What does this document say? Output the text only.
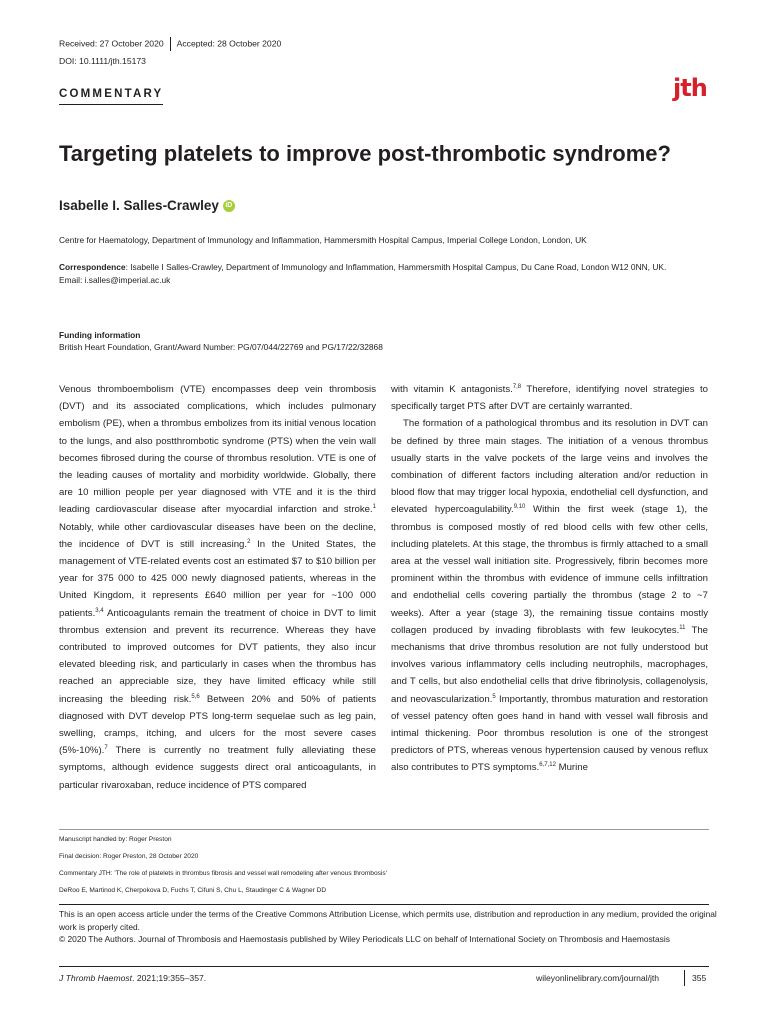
Received: 27 October 2020 Accepted: 28 October 2020
DOI: 10.1111/jth.15173
COMMENTARY	jth
Targeting platelets to improve post-thrombotic syndrome?
Isabelle I. Salles-Crawley iD
Centre for Haematology, Department of Immunology and Inflammation, Hammersmith Hospital Campus, Imperial College London, London, UK
Correspondence: Isabelle I Salles-Crawley, Department of Immunology and Inflammation, Hammersmith Hospital Campus, Du Cane Road, London W12 0NN, UK.
Email: i.salles@imperial.ac.uk
Funding information
British Heart Foundation, Grant/Award Number: PG/07/044/22769 and PG/17/22/32868

Venous thromboembolism (VTE) encompasses deep vein thrombosis (DVT) and its associated complications, which includes pulmonary embolism (PE), when a thrombus embolizes from its initial venous location to the lungs, and also postthrombotic syndrome (PTS) when the vein wall becomes fibrosed during the course of thrombus resolution. VTE is one of the leading causes of mortality and morbidity worldwide. Globally, there are 10 million people per year diagnosed with VTE and it is the third leading cardiovascular disease after myocardial infarction and stroke.$^1$ Notably, while other cardiovascular diseases have been on the decline, the incidence of DVT is still increasing.$^2$ In the United States, the management of VTE-related events cost an estimated $7 to $10 billion per year for 375 000 to 425 000 newly diagnosed patients, whereas in the United Kingdom, it represents £640 million per year for ~100 000 patients.$^{3,4}$ Anticoagulants remain the treatment of choice in DVT to limit thrombus extension and prevent its recurrence. Whereas they have contributed to improved outcomes for DVT patients, they also incur elevated bleeding risk, and particularly in cases when the thrombus has reached an appreciable size, they have limited efficacy while still increasing the bleeding risk.$^{5,6}$ Between 20% and 50% of patients diagnosed with DVT develop PTS long-term sequelae such as leg pain, swelling, cramps, itching, and ulcers for the most severe cases (5%-10%).$^7$ There is currently no treatment fully alleviating these symptoms, although evidence suggests direct oral anticoagulants, in particular rivaroxaban, reduce incidence of PTS compared

with vitamin K antagonists.$^{7,8}$ Therefore, identifying novel strategies to specifically target PTS after DVT are certainly warranted.

The formation of a pathological thrombus and its resolution in DVT can be defined by three main stages. The initiation of a venous thrombus usually starts in the valve pockets of the large veins and involves the combination of different factors including alteration and/or reduction in blood flow that may trigger local hypoxia, endothelial cell dysfunction, and elevated hypercoagulability.$^{9,10}$ Within the first week (stage 1), the thrombus is composed mostly of red blood cells with few other cells, including platelets. At this stage, the thrombus is firmly attached to a small area at the vessel wall initiation site. Progressively, fibrin becomes more prominent within the thrombus with evidence of immune cells infiltration and endothelial cells covering partially the thrombus (stage 2 to ~7 weeks). After a year (stage 3), the remaining tissue contains mostly collagen produced by invading fibroblasts with few leukocytes.$^{11}$ The mechanisms that drive thrombus resolution are not fully understood but involves various inflammatory cells including neutrophils, macrophages, and T cells, but also endothelial cells that drive fibrinolysis, collagenolysis, and neovascularization.$^5$ Importantly, thrombus maturation and restoration of vessel patency often goes hand in hand with vessel wall fibrosis and intimal thickening. Poor thrombus resolution is one of the strongest predictors of PTS, whereas venous hypertension caused by venous reflux also contributes to PTS symptoms.$^{6,7,12}$ Murine

Manuscript handled by: Roger Preston
Final decision: Roger Preston, 28 October 2020
Commentary JTH: 'The role of platelets in thrombus fibrosis and vessel wall remodeling after venous thrombosis'
DeRoo E, Martinod K, Cherpokova D, Fuchs T, Cifuni S, Chu L, Staudinger C & Wagner DD
This is an open access article under the terms of the Creative Commons Attribution License, which permits use, distribution and reproduction in any medium, provided the original work is properly cited.
© 2020 The Authors. Journal of Thrombosis and Haemostasis published by Wiley Periodicals LLC on behalf of International Society on Thrombosis and Haemostasis
J Thromb Haemost. 2021;19:355–357.	wileyonlinelibrary.com/journal/jth	355
